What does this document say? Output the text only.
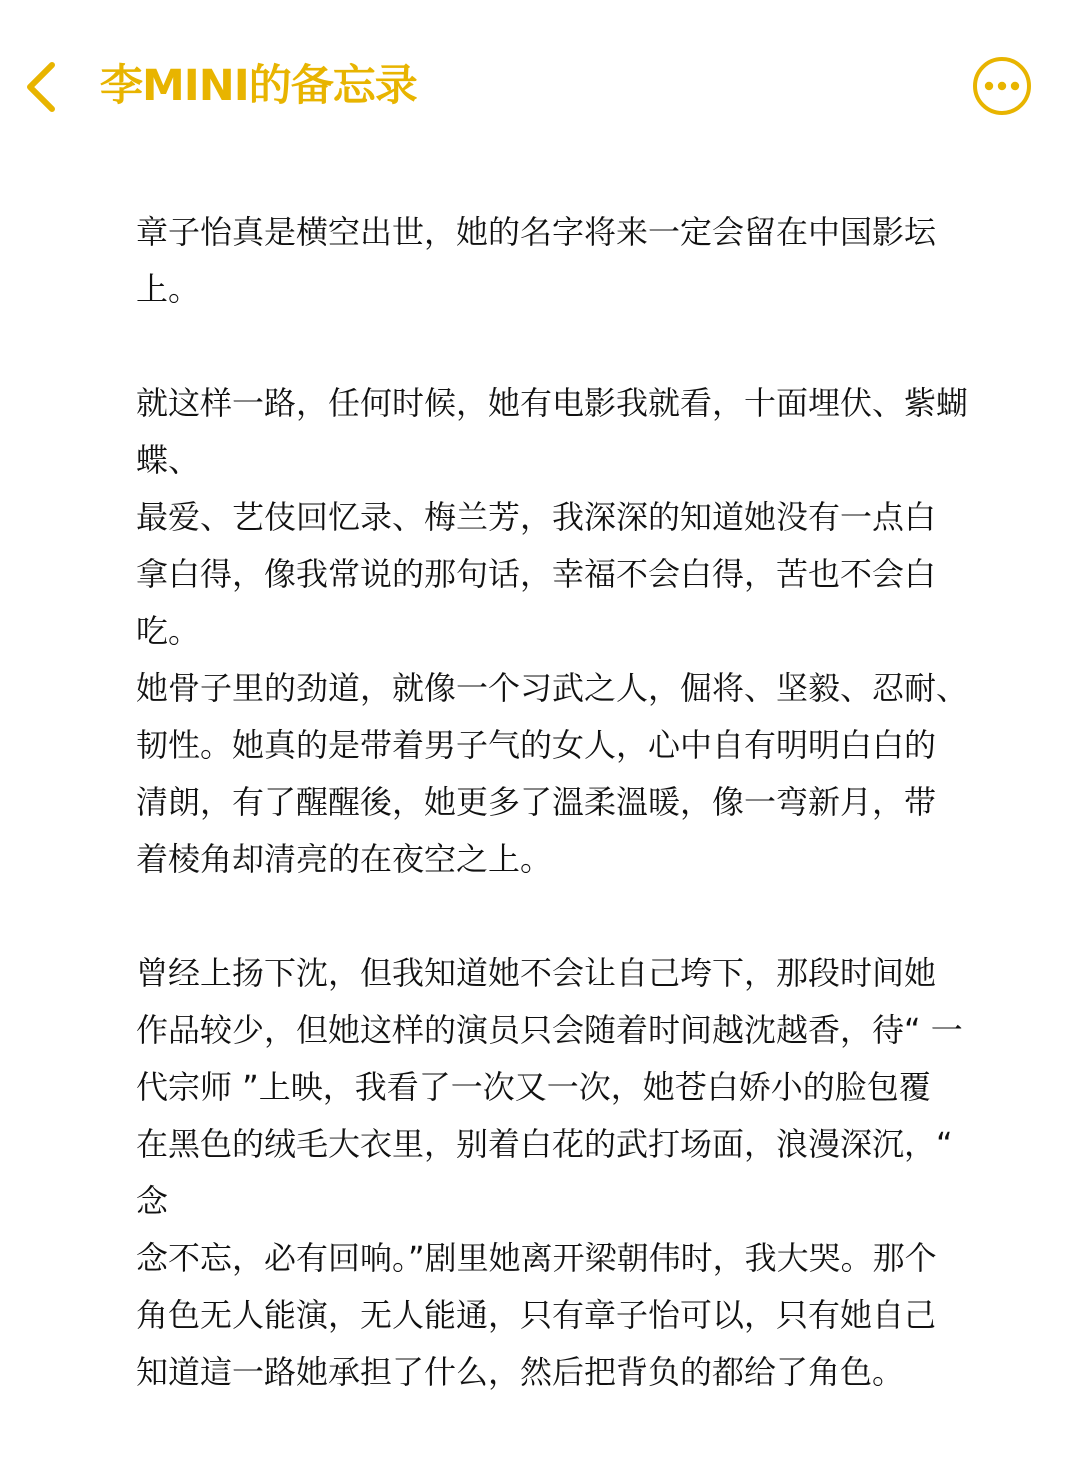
李MINI的备忘录

章子怡真是横空出世，她的名字将来一定会留在中国影坛
上。

就这样一路，任何时候，她有电影我就看，十面埋伏、紫蝴蝶、
最爱、艺伎回忆录、梅兰芳，我深深的知道她没有一点白
拿白得，像我常说的那句话，幸福不会白得，苦也不会白吃。
她骨子里的劲道，就像一个习武之人，倔将、坚毅、忍耐、
韧性。她真的是带着男子气的女人，心中自有明明白白的
清朗，有了醒醒後，她更多了溫柔溫暖，像一弯新月，带
着棱角却清亮的在夜空之上。

曾经上扬下沈，但我知道她不会让自己垮下，那段时间她
作品较少，但她这样的演员只会随着时间越沈越香，待“ 一
代宗师 ”上映，我看了一次又一次，她苍白娇小的脸包覆
在黑色的绒毛大衣里，别着白花的武打场面，浪漫深沉，“ 念
念不忘，必有回响。”剧里她离开梁朝伟时，我大哭。那个
角色无人能演，无人能通，只有章子怡可以，只有她自己
知道這一路她承担了什么，然后把背负的都给了角色。
